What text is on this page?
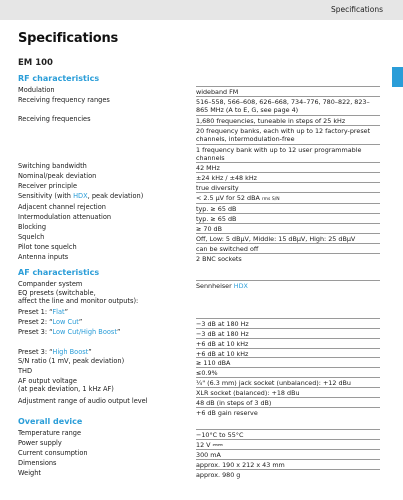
Specifications
Specifications
EM 100
RF characteristics
Modulation	wideband FM
Receiving frequency ranges	516–558, 566–608, 626–668, 734–776, 780–822, 823–865 MHz (A to E, G, see page 4)
Receiving frequencies	1,680 frequencies, tuneable in steps of 25 kHz
20 frequency banks, each with up to 12 factory-preset channels, intermodulation-free
1 frequency bank with up to 12 user programmable channels
Switching bandwidth	42 MHz
Nominal/peak deviation	±24 kHz / ±48 kHz
Receiver principle	true diversity
Sensitivity (with HDX, peak deviation)	< 2.5 µV for 52 dBA rms S/N
Adjacent channel rejection	typ. ≥ 65 dB
Intermodulation attenuation	typ. ≥ 65 dB
Blocking	≥ 70 dB
Squelch	Off, Low: 5 dBµV, Middle: 15 dBµV, High: 25 dBµV
Pilot tone squelch	can be switched off
Antenna inputs	2 BNC sockets
AF characteristics
Compander system	Sennheiser HDX
EQ presets (switchable,
affect the line and monitor outputs):
Preset 1: “Flat”
Preset 2: “Low Cut”	−3 dB at 180 Hz
Preset 3: “Low Cut/High Boost”	−3 dB at 180 Hz
+6 dB at 10 kHz
Preset 3: “High Boost”	+6 dB at 10 kHz
S/N ratio (1 mV, peak deviation)	≥ 110 dBA
THD	≤0.9%
AF output voltage
(at peak deviation, 1 kHz AF)
¼" (6.3 mm) jack socket (unbalanced): +12 dBu
XLR socket (balanced): +18 dBu
Adjustment range of audio output level	48 dB (in steps of 3 dB)
+6 dB gain reserve
Overall device
Temperature range	−10°C to 55°C
Power supply	12 V ⎓⎓
Current consumption	300 mA
Dimensions	approx. 190 x 212 x 43 mm
Weight	approx. 980 g
